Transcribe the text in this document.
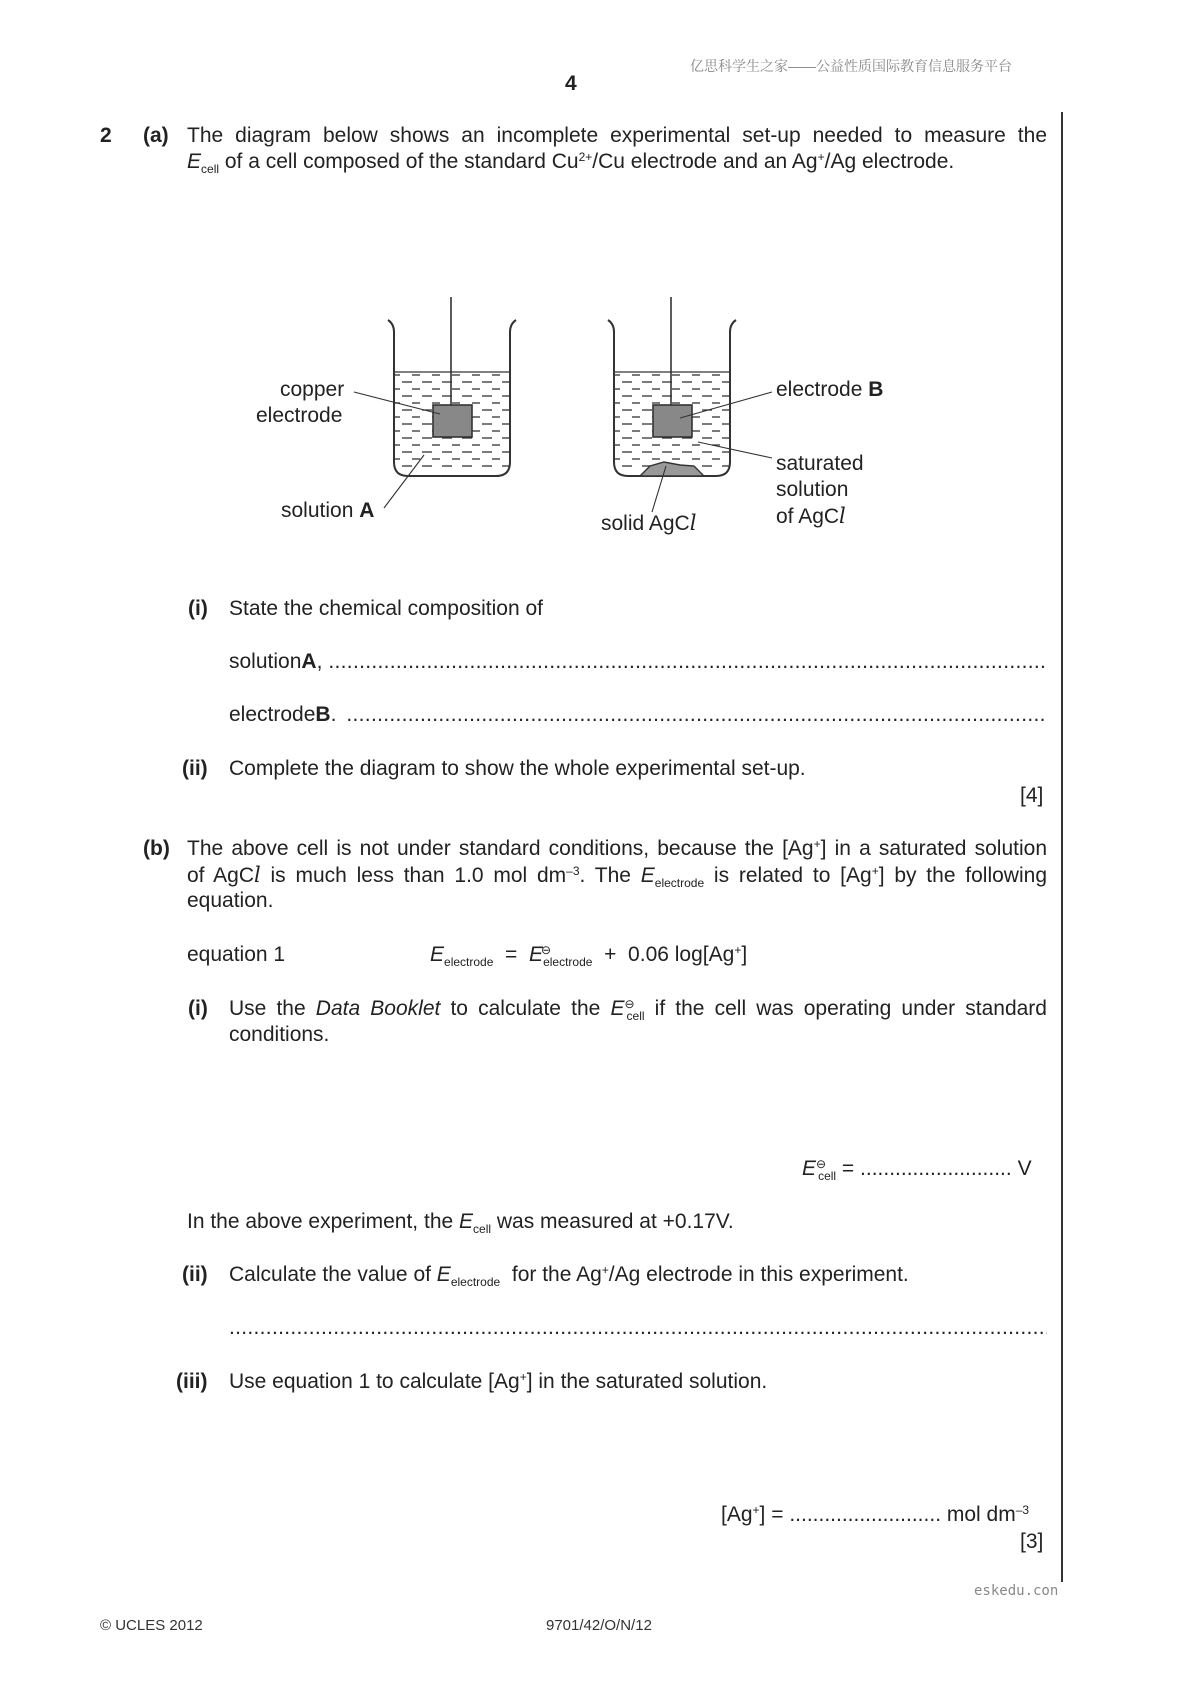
亿思科学生之家——公益性质国际教育信息服务平台
4
2 (a) The diagram below shows an incomplete experimental set-up needed to measure the
$E_{cell}$ of a cell composed of the standard $Cu^{2+}/Cu$ electrode and an Ag+/Ag electrode.
copper
electrode
solution A
electrode B
saturated
solution
of AgCl
solid AgCl
(i) State the chemical composition of
solution A ,
.....
electrode B .
.....
(ii) Complete the diagram to show the whole experimental set-up.
[4]
(b) The above cell is not under standard conditions, because the [Ag+] in a saturated solution
of AgCl is much less than 1.0 mol $dm^{-3}$. The $E_{electrode}$ is related to [Ag+] by the following
equation.
equation 1	$E_{electrode} = E^⊖_{electrode} + 0.06$ log[Ag+]
(i) Use the Data Booklet to calculate the $E^⊖_{cell}$ if the cell was operating under standard
conditions.
$E^⊖_{cell}$ = .......................... V
In the above experiment, the $E_{cell}$ was measured at +0.17V.
(ii) Calculate the value of $E_{electrode}$  for the Ag+/Ag electrode in this experiment.
.....
(iii) Use equation 1 to calculate [Ag+] in the saturated solution.
[Ag+] = .......................... mol $dm^{-3}$
[3]
eskedu.con
© UCLES 2012	9701/42/O/N/12
